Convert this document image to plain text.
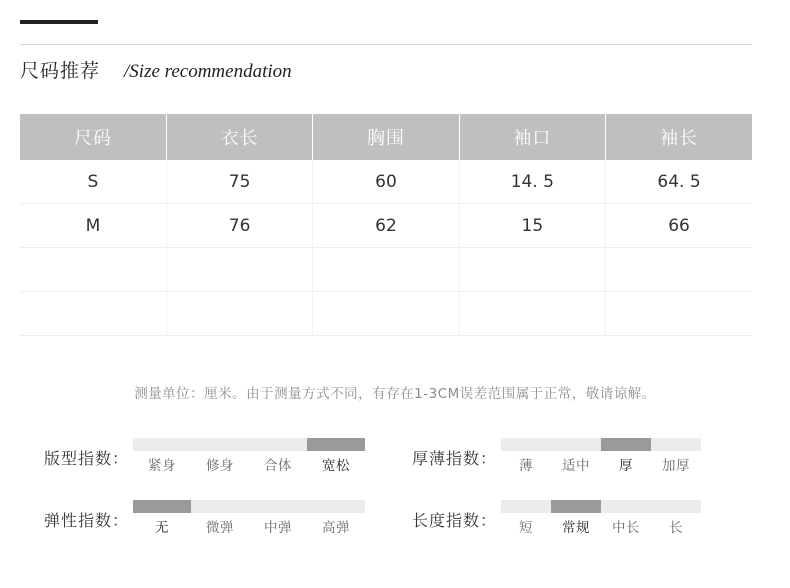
尺码推荐 /Size recommendation
尺码	衣长	胸围	袖口	袖长
S	75	60	14. 5	64. 5
M	76	62	15	66

测量单位：厘米。由于测量方式不同，有存在1-3CM误差范围属于正常，敬请谅解。
版型指数：	紧身	修身	合体	宽松	厚薄指数：	薄	适中	厚	加厚
弹性指数：	无	微弹	中弹	高弹	长度指数：	短	常规	中长	长
